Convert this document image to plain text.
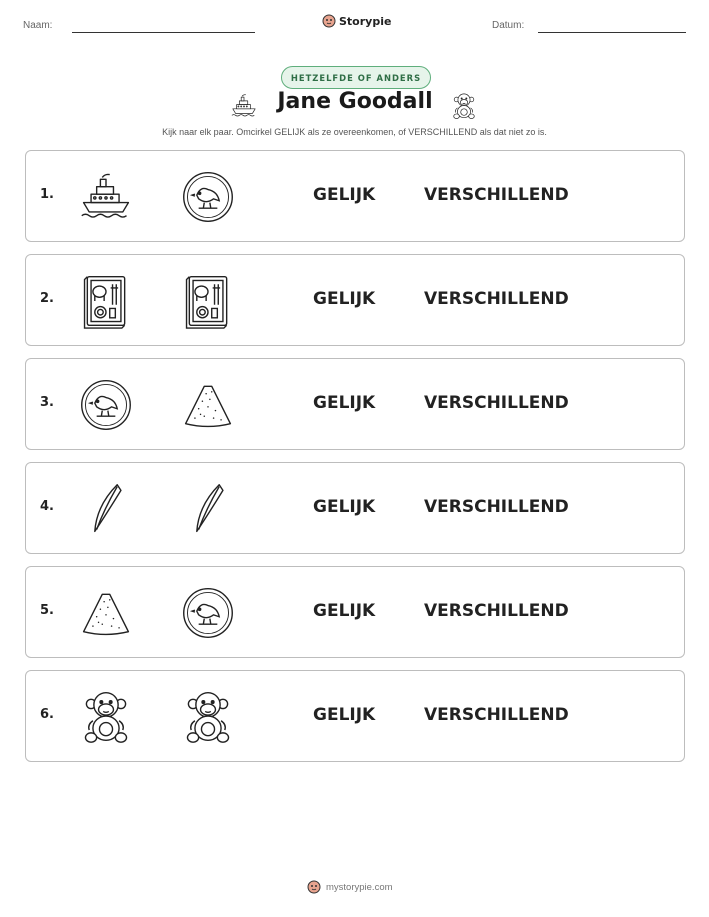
Naam:	Storypie	Datum:
HETZELFDE OF ANDERS
Jane Goodall
Kijk naar elk paar. Omcirkel GELIJK als ze overeenkomen, of VERSCHILLEND als dat niet zo is.
1.	GELIJK	VERSCHILLEND
2.	GELIJK	VERSCHILLEND
3.	GELIJK	VERSCHILLEND
4.	GELIJK	VERSCHILLEND
5.	GELIJK	VERSCHILLEND
6.	GELIJK	VERSCHILLEND
mystorypie.com
